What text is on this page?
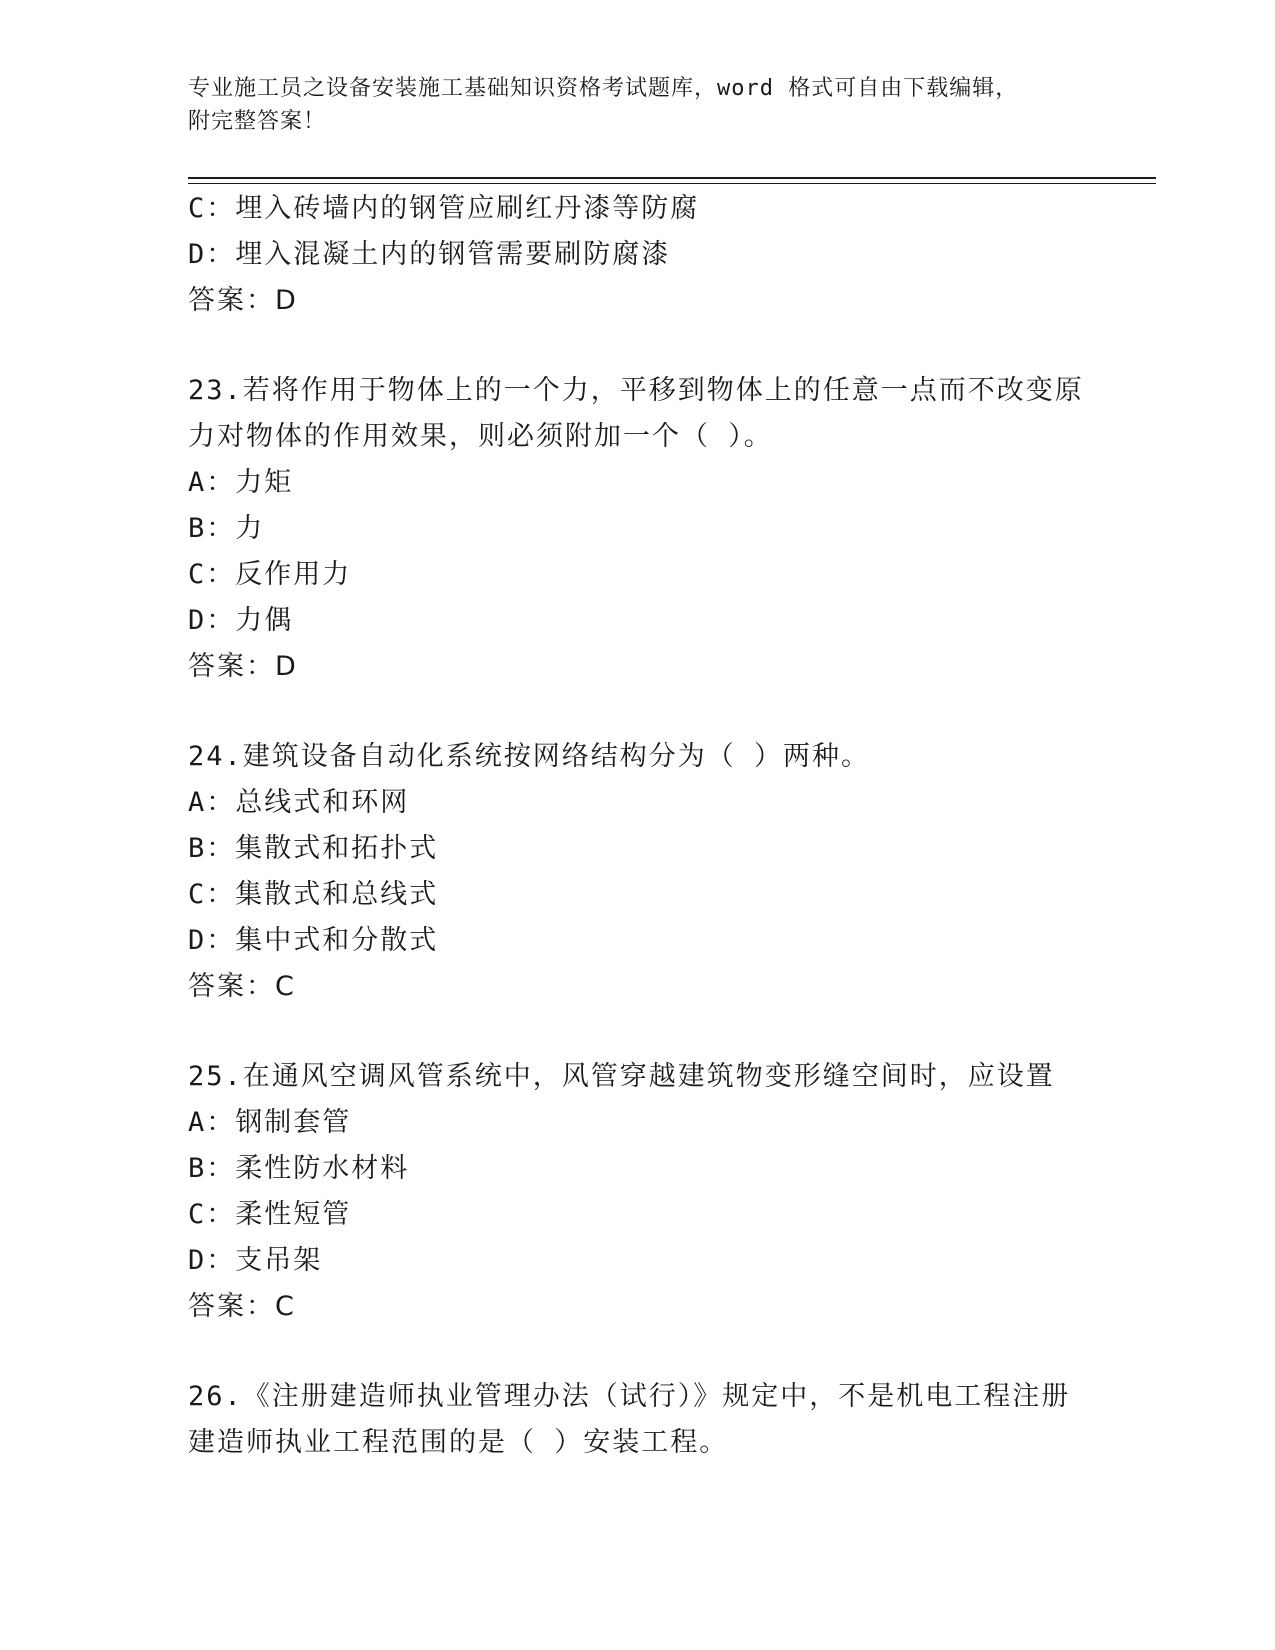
专业施工员之设备安装施工基础知识资格考试题库，word 格式可自由下载编辑，
附完整答案！
C：埋入砖墙内的钢管应刷红丹漆等防腐
D：埋入混凝土内的钢管需要刷防腐漆
答案：D
23.若将作用于物体上的一个力，平移到物体上的任意一点而不改变原
力对物体的作用效果，则必须附加一个（ ）。
A：力矩
B：力
C：反作用力
D：力偶
答案：D
24.建筑设备自动化系统按网络结构分为（ ）两种。
A：总线式和环网
B：集散式和拓扑式
C：集散式和总线式
D：集中式和分散式
答案：C
25.在通风空调风管系统中，风管穿越建筑物变形缝空间时，应设置
A：钢制套管
B：柔性防水材料
C：柔性短管
D：支吊架
答案：C
26.《注册建造师执业管理办法（试行）》规定中，不是机电工程注册
建造师执业工程范围的是（ ）安装工程。
